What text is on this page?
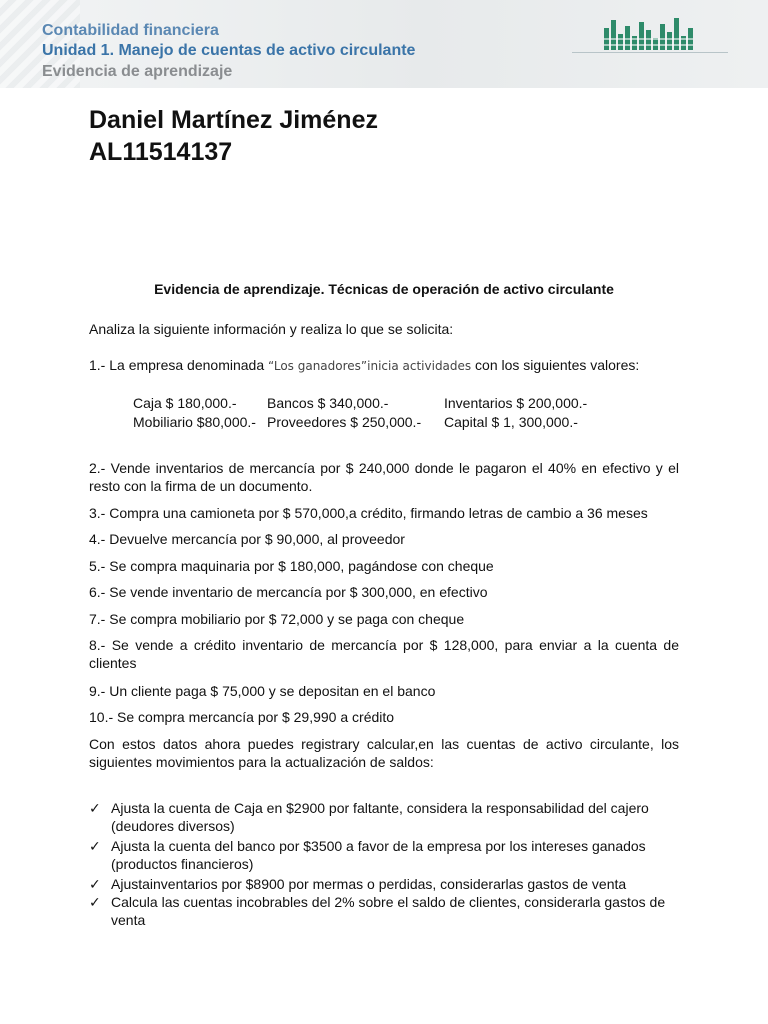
Contabilidad financiera
Unidad 1. Manejo de cuentas de activo circulante
Evidencia de aprendizaje
Daniel Martínez Jiménez
AL11514137
Evidencia de aprendizaje. Técnicas de operación de activo circulante
Analiza la siguiente información y realiza lo que se solicita:
1.- La empresa denominada “Los ganadores”inicia actividades con los siguientes valores:
Caja $ 180,000.- Bancos $ 340,000.-	Inventarios $ 200,000.-
Mobiliario $80,000.- Proveedores $ 250,000.- Capital $ 1, 300,000.-
2.- Vende inventarios de mercancía por $ 240,000 donde le pagaron el 40% en efectivo y el resto con la firma de un documento.
3.- Compra una camioneta por $ 570,000,a crédito, firmando letras de cambio a 36 meses
4.- Devuelve mercancía por $ 90,000, al proveedor
5.- Se compra maquinaria por $ 180,000, pagándose con cheque
6.- Se vende inventario de mercancía por $ 300,000, en efectivo
7.- Se compra mobiliario por $ 72,000 y se paga con cheque
8.- Se vende a crédito inventario de mercancía por $ 128,000, para enviar a la cuenta de clientes
9.- Un cliente paga $ 75,000 y se depositan en el banco
10.- Se compra mercancía por $ 29,990 a crédito
Con estos datos ahora puedes registrary calcular,en las cuentas de activo circulante, los siguientes movimientos para la actualización de saldos:
✓ Ajusta la cuenta de Caja en $2900 por faltante, considera la responsabilidad del cajero (deudores diversos)
✓ Ajusta la cuenta del banco por $3500 a favor de la empresa por los intereses ganados (productos financieros)
✓ Ajustainventarios por $8900 por mermas o perdidas, considerarlas gastos de venta
✓ Calcula las cuentas incobrables del 2% sobre el saldo de clientes, considerarla gastos de venta
